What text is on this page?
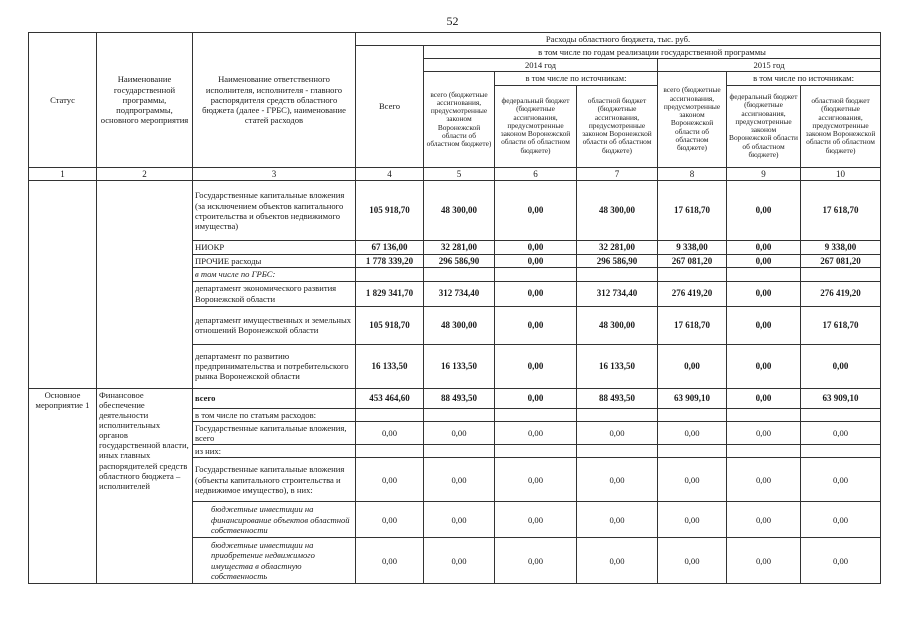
52
Статус	Наименование государственной программы, подпрограммы, основного мероприятия	Наименование ответственного исполнителя, исполнителя - главного распорядителя средств областного бюджета (далее - ГРБС), наименование статей расходов	Расходы областного бюджета, тыс. руб.						
			Всего	в том числе по годам реализации государственной программы					
				2014 год			2015 год		
				всего (бюджетные ассигнования, предусмотренные законом Воронежской области об областном бюджете)	в том числе по источникам:		всего (бюджетные ассигнования, предусмотренные законом Воронежской области об областном бюджете)	в том числе по источникам:	
					федеральный бюджет (бюджетные ассигнования, предусмотренные законом Воронежской области об областном бюджете)	областной бюджет (бюджетные ассигнования, предусмотренные законом Воронежской области об областном бюджете)		федеральный бюджет (бюджетные ассигнования, предусмотренные законом Воронежской области об областном бюджете)	областной бюджет (бюджетные ассигнования, предусмотренные законом Воронежской области об областном бюджете)
1	2	3	4	5	6	7	8	9	10
		Государственные капитальные вложения (за исключением объектов капитального строительства и объектов недвижимого имущества)	105 918,70	48 300,00	0,00	48 300,00	17 618,70	0,00	17 618,70
		НИОКР	67 136,00	32 281,00	0,00	32 281,00	9 338,00	0,00	9 338,00
		ПРОЧИЕ расходы	1 778 339,20	296 586,90	0,00	296 586,90	267 081,20	0,00	267 081,20
		в том числе по ГРБС:							
		департамент экономического развития Воронежской области	1 829 341,70	312 734,40	0,00	312 734,40	276 419,20	0,00	276 419,20
		департамент имущественных и земельных отношений Воронежской области	105 918,70	48 300,00	0,00	48 300,00	17 618,70	0,00	17 618,70
		департамент по развитию предпринимательства и потребительского рынка Воронежской области	16 133,50	16 133,50	0,00	16 133,50	0,00	0,00	0,00
Основное мероприятие 1	Финансовое обеспечение деятельности исполнительных органов государственной власти, иных главных распорядителей средств областного бюджета – исполнителей	всего	453 464,60	88 493,50	0,00	88 493,50	63 909,10	0,00	63 909,10
		в том числе по статьям расходов:							
		Государственные капитальные вложения, всего	0,00	0,00	0,00	0,00	0,00	0,00	0,00
		из них:							
		Государственные капитальные вложения (объекты капитального строительства и недвижимое имущество), в них:	0,00	0,00	0,00	0,00	0,00	0,00	0,00
		бюджетные инвестиции на финансирование объектов областной собственности	0,00	0,00	0,00	0,00	0,00	0,00	0,00
		бюджетные инвестиции на приобретение недвижимого имущества в областную собственность	0,00	0,00	0,00	0,00	0,00	0,00	0,00
